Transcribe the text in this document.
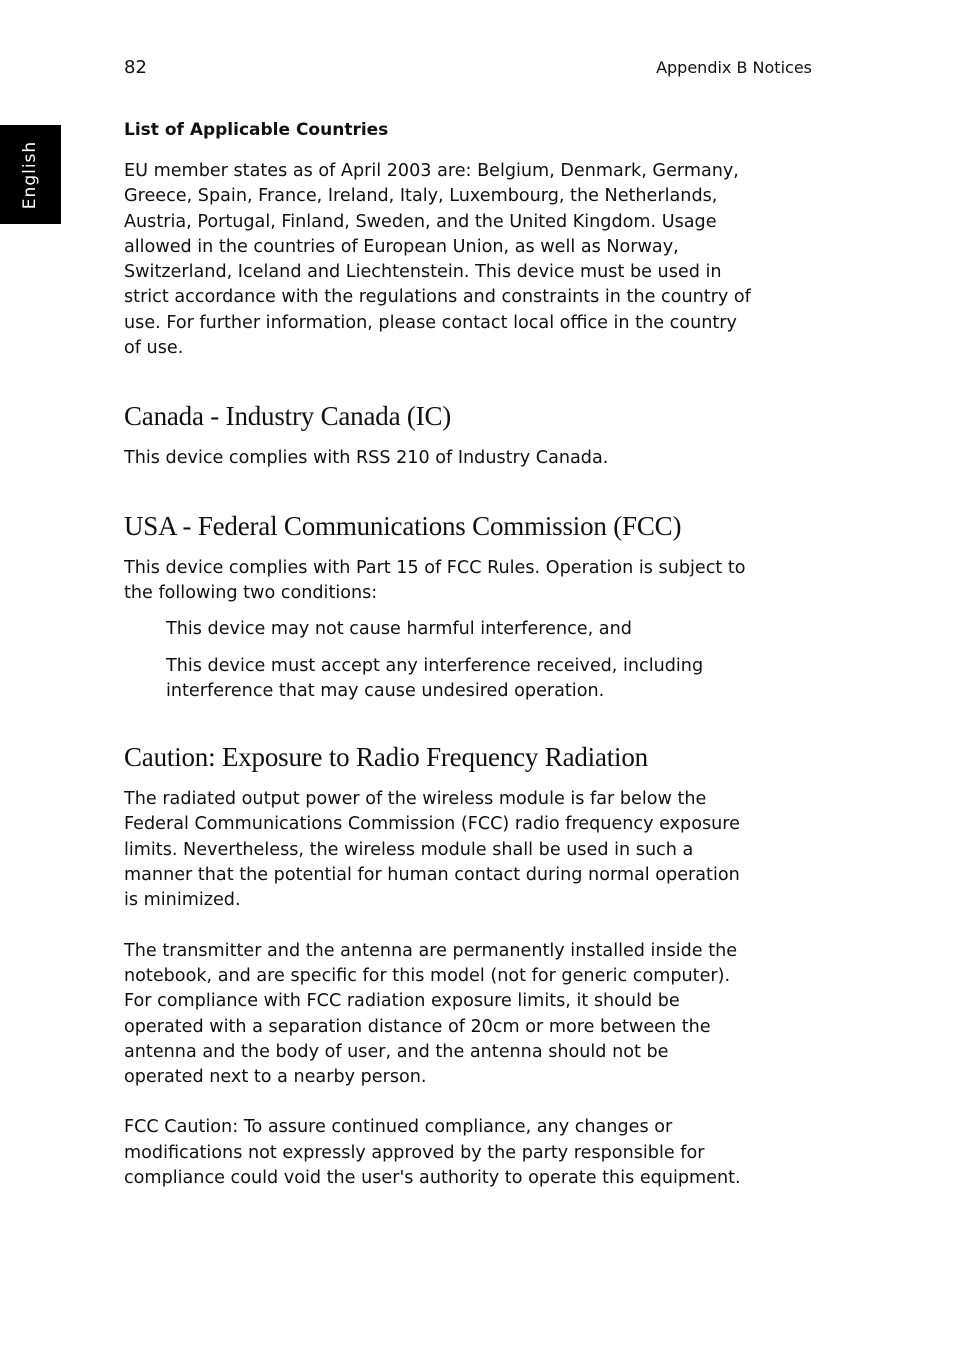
English
82	Appendix B Notices
List of Applicable Countries

EU member states as of April 2003 are: Belgium, Denmark, Germany,
Greece, Spain, France, Ireland, Italy, Luxembourg, the Netherlands,
Austria, Portugal, Finland, Sweden, and the United Kingdom. Usage
allowed in the countries of European Union, as well as Norway,
Switzerland, Iceland and Liechtenstein. This device must be used in
strict accordance with the regulations and constraints in the country of
use. For further information, please contact local office in the country
of use.

Canada - Industry Canada (IC)

This device complies with RSS 210 of Industry Canada.

USA - Federal Communications Commission (FCC)

This device complies with Part 15 of FCC Rules. Operation is subject to
the following two conditions:

This device may not cause harmful interference, and

This device must accept any interference received, including
interference that may cause undesired operation.

Caution: Exposure to Radio Frequency Radiation

The radiated output power of the wireless module is far below the
Federal Communications Commission (FCC) radio frequency exposure
limits. Nevertheless, the wireless module shall be used in such a
manner that the potential for human contact during normal operation
is minimized.

The transmitter and the antenna are permanently installed inside the
notebook, and are specific for this model (not for generic computer).
For compliance with FCC radiation exposure limits, it should be
operated with a separation distance of 20cm or more between the
antenna and the body of user, and the antenna should not be
operated next to a nearby person.

FCC Caution: To assure continued compliance, any changes or
modifications not expressly approved by the party responsible for
compliance could void the user's authority to operate this equipment.
